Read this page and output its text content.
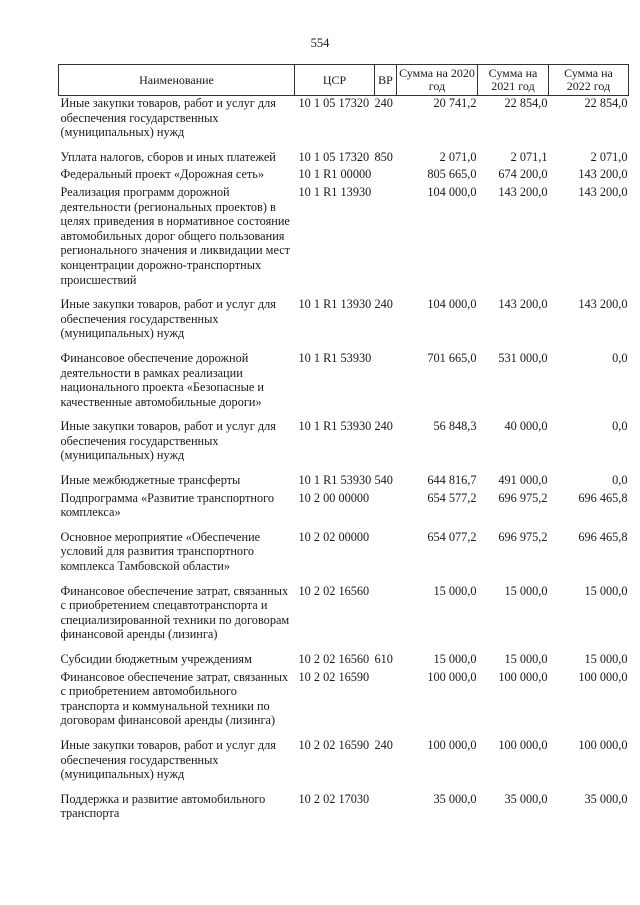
554
Наименование	ЦСР	ВР	Сумма на 2020 год	Сумма на 2021 год	Сумма на 2022 год
Иные закупки товаров, работ и услуг для обеспечения государственных (муниципальных) нужд	10 1 05 17320	240	20 741,2	22 854,0	22 854,0
Уплата налогов, сборов и иных платежей	10 1 05 17320	850	2 071,0	2 071,1	2 071,0
Федеральный проект «Дорожная сеть»	10 1 R1 00000		805 665,0	674 200,0	143 200,0
Реализация программ дорожной деятельности (региональных проектов) в целях приведения в нормативное состояние автомобильных дорог общего пользования регионального значения и ликвидации мест концентрации дорожно-транспортных происшествий	10 1 R1 13930		104 000,0	143 200,0	143 200,0
Иные закупки товаров, работ и услуг для обеспечения государственных (муниципальных) нужд	10 1 R1 13930	240	104 000,0	143 200,0	143 200,0
Финансовое обеспечение дорожной деятельности в рамках реализации национального проекта «Безопасные и качественные автомобильные дороги»	10 1 R1 53930		701 665,0	531 000,0	0,0
Иные закупки товаров, работ и услуг для обеспечения государственных (муниципальных) нужд	10 1 R1 53930	240	56 848,3	40 000,0	0,0
Иные межбюджетные трансферты	10 1 R1 53930	540	644 816,7	491 000,0	0,0
Подпрограмма «Развитие транспортного комплекса»	10 2 00 00000		654 577,2	696 975,2	696 465,8
Основное мероприятие «Обеспечение условий для развития транспортного комплекса Тамбовской области»	10 2 02 00000		654 077,2	696 975,2	696 465,8
Финансовое обеспечение затрат, связанных с приобретением спецавтотранспорта и специализированной техники по договорам финансовой аренды (лизинга)	10 2 02 16560		15 000,0	15 000,0	15 000,0
Субсидии бюджетным учреждениям	10 2 02 16560	610	15 000,0	15 000,0	15 000,0
Финансовое обеспечение затрат, связанных с приобретением автомобильного транспорта и коммунальной техники по договорам финансовой аренды (лизинга)	10 2 02 16590		100 000,0	100 000,0	100 000,0
Иные закупки товаров, работ и услуг для обеспечения государственных (муниципальных) нужд	10 2 02 16590	240	100 000,0	100 000,0	100 000,0
Поддержка и развитие автомобильного транспорта	10 2 02 17030		35 000,0	35 000,0	35 000,0
